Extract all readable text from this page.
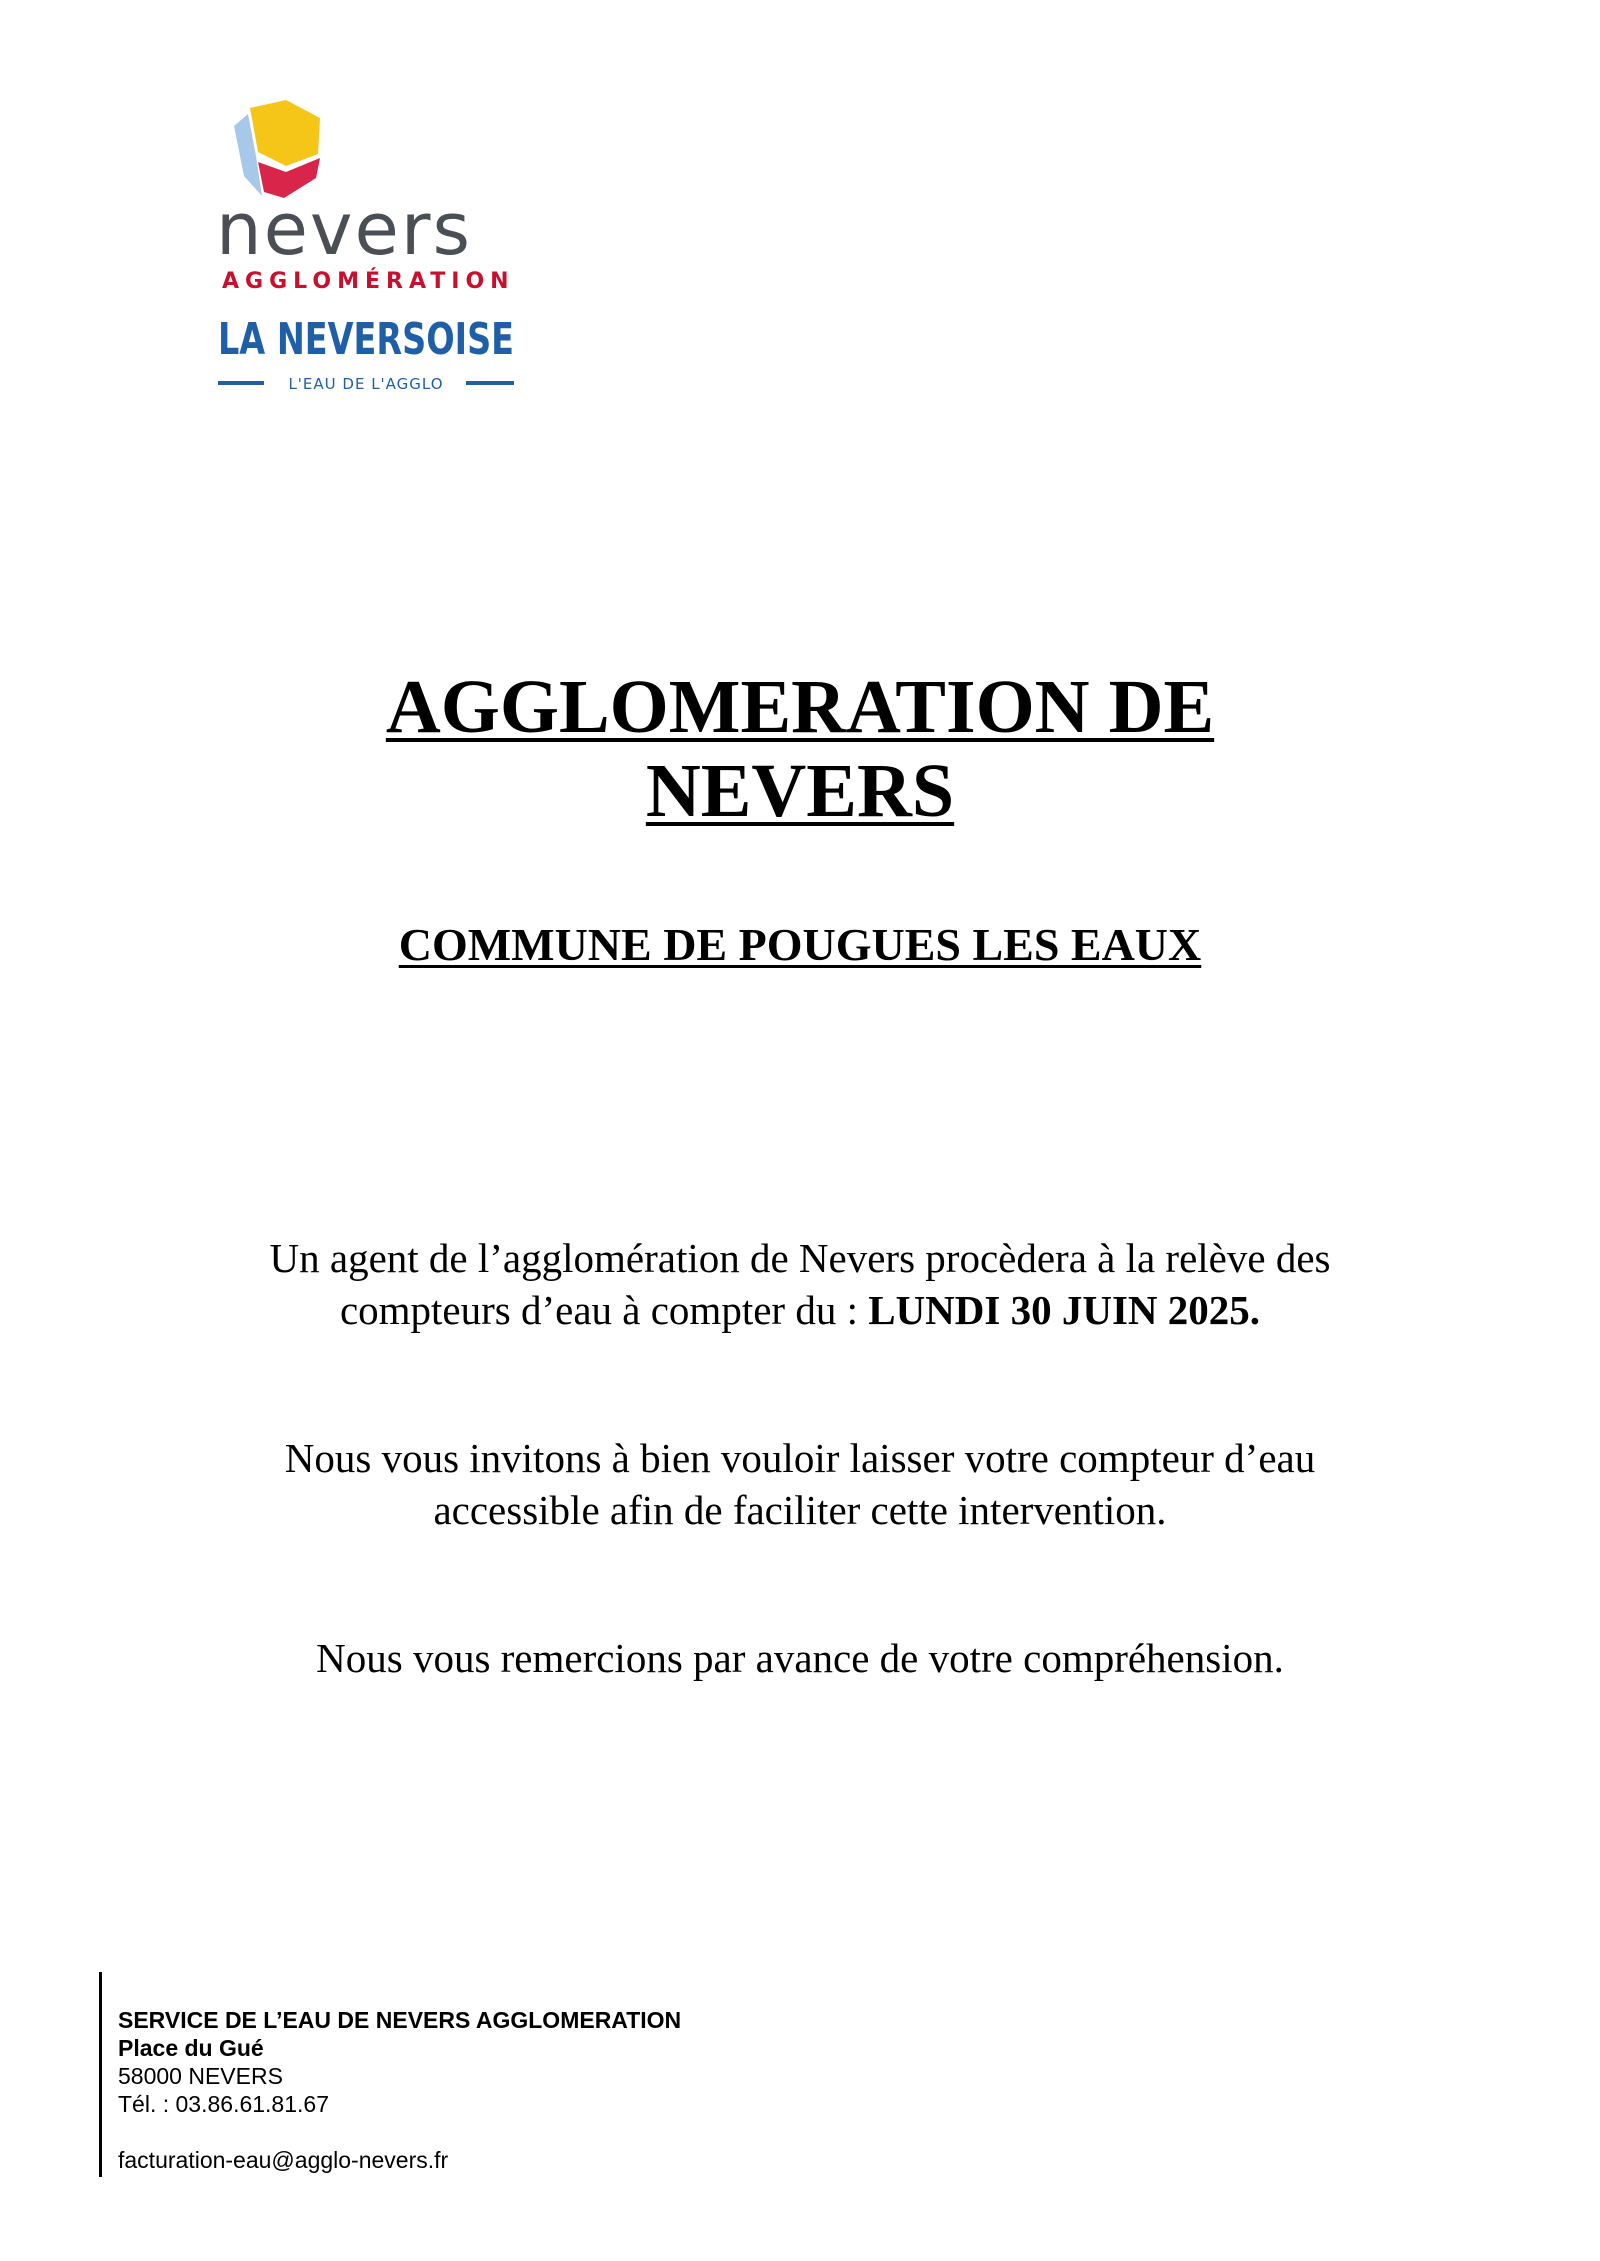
nevers
AGGLOMÉRATION
LA NEVERSOISE
L'EAU DE L'AGGLO
AGGLOMERATION DE
NEVERS
COMMUNE DE POUGUES LES EAUX
Un agent de l’agglomération de Nevers procèdera à la relève des
compteurs d’eau à compter du : LUNDI 30 JUIN 2025.
Nous vous invitons à bien vouloir laisser votre compteur d’eau
accessible afin de faciliter cette intervention.
Nous vous remercions par avance de votre compréhension.
SERVICE DE L’EAU DE NEVERS AGGLOMERATION
Place du Gué
58000 NEVERS
Tél. : 03.86.61.81.67
facturation-eau@agglo-nevers.fr
